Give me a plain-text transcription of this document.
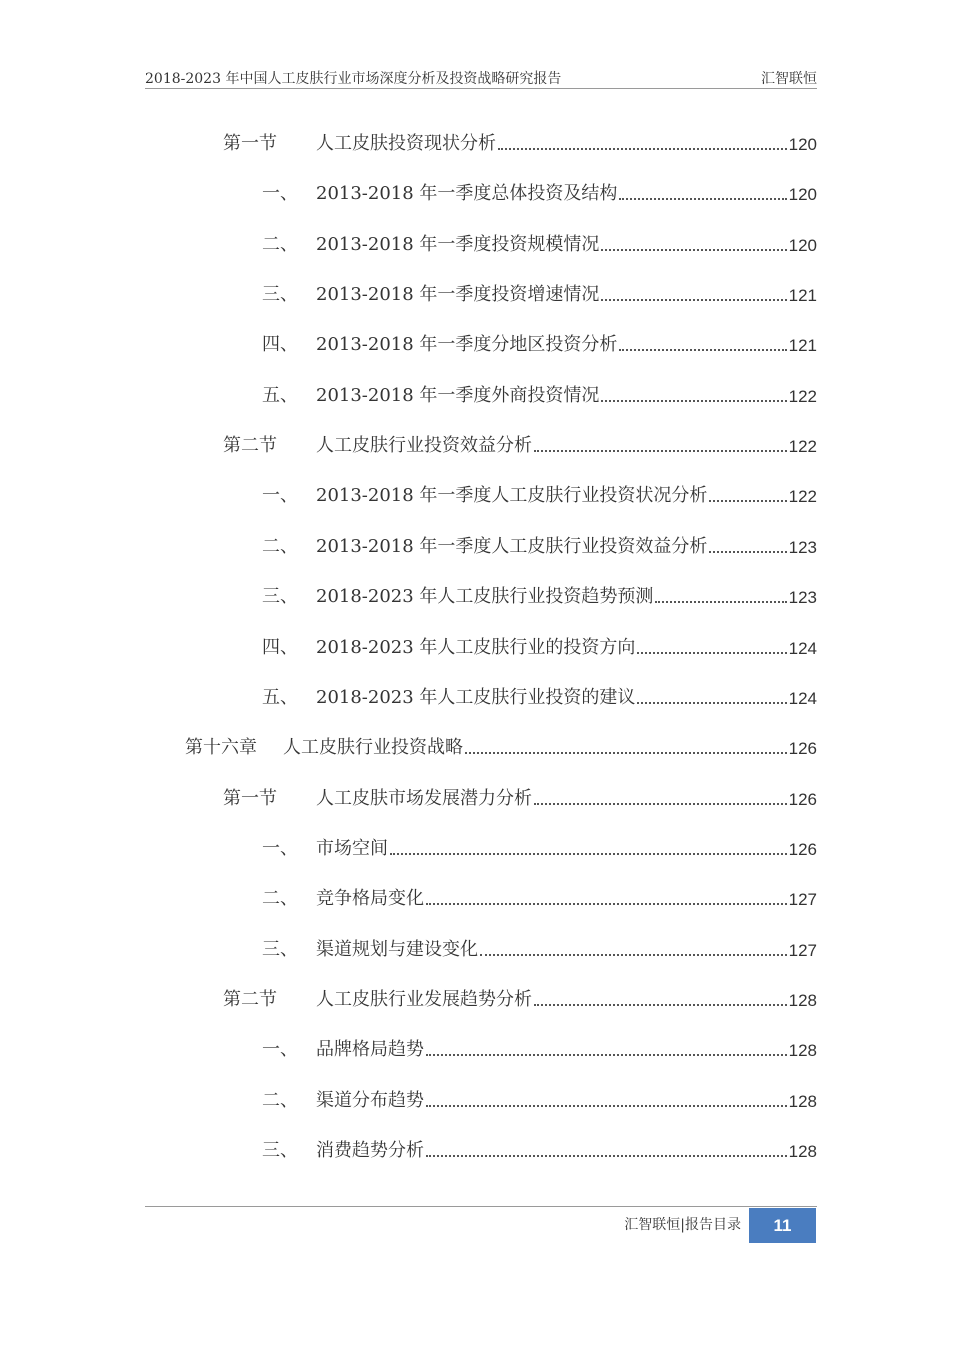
2018-2023 年中国人工皮肤行业市场深度分析及投资战略研究报告	汇智联恒
第一节	人工皮肤投资现状分析	120
一、	2013-2018 年一季度总体投资及结构	120
二、	2013-2018 年一季度投资规模情况	120
三、	2013-2018 年一季度投资增速情况	121
四、	2013-2018 年一季度分地区投资分析	121
五、	2013-2018 年一季度外商投资情况	122
第二节	人工皮肤行业投资效益分析	122
一、	2013-2018 年一季度人工皮肤行业投资状况分析	122
二、	2013-2018 年一季度人工皮肤行业投资效益分析	123
三、	2018-2023 年人工皮肤行业投资趋势预测	123
四、	2018-2023 年人工皮肤行业的投资方向	124
五、	2018-2023 年人工皮肤行业投资的建议	124
第十六章	人工皮肤行业投资战略	126
第一节	人工皮肤市场发展潜力分析	126
一、	市场空间	126
二、	竞争格局变化	127
三、	渠道规划与建设变化	127
第二节	人工皮肤行业发展趋势分析	128
一、	品牌格局趋势	128
二、	渠道分布趋势	128
三、	消费趋势分析	128
汇智联恒|报告目录	11
